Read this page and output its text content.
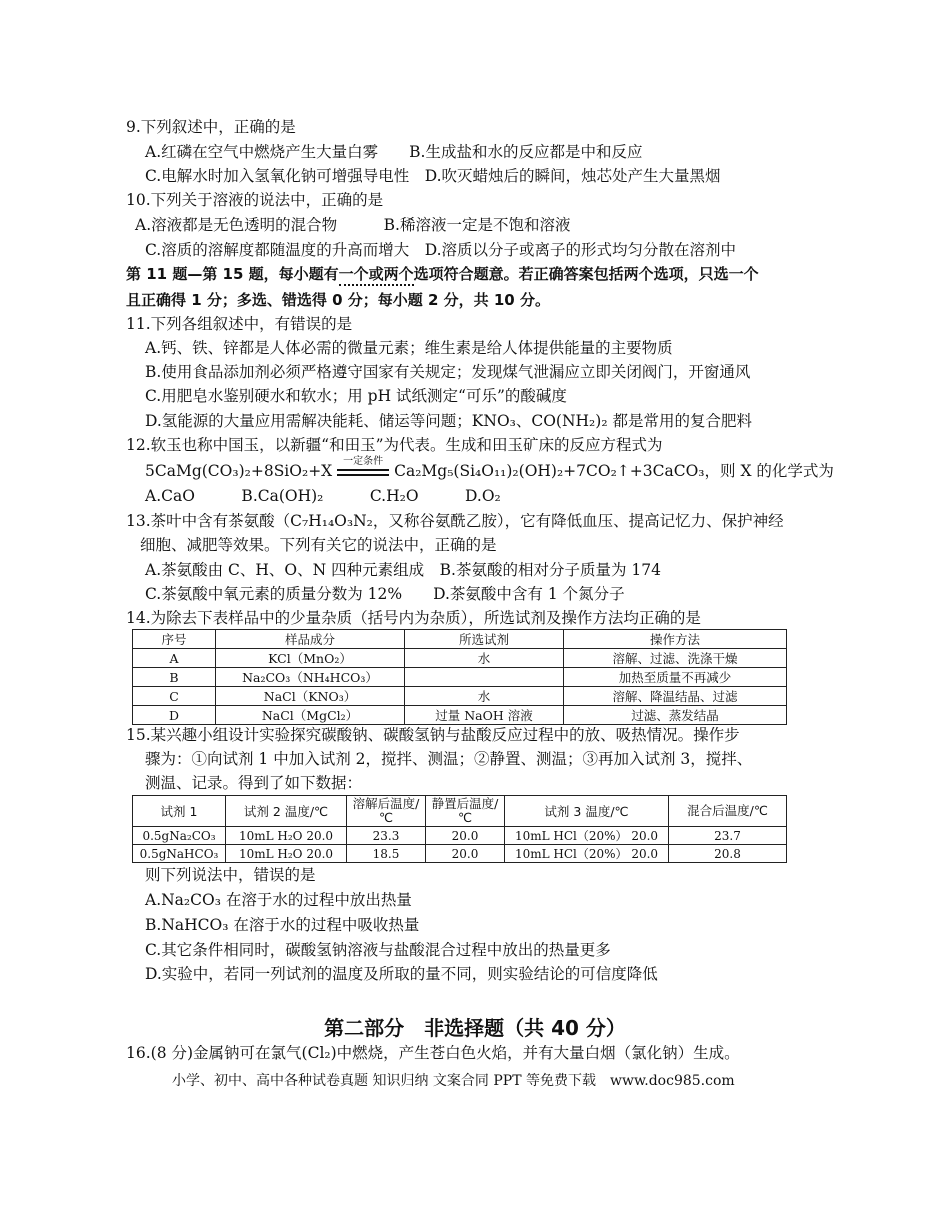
9.下列叙述中，正确的是
A.红磷在空气中燃烧产生大量白雾　　B.生成盐和水的反应都是中和反应
C.电解水时加入氢氧化钠可增强导电性　D.吹灭蜡烛后的瞬间，烛芯处产生大量黑烟
10.下列关于溶液的说法中，正确的是
A.溶液都是无色透明的混合物　　　B.稀溶液一定是不饱和溶液
C.溶质的溶解度都随温度的升高而增大　D.溶质以分子或离子的形式均匀分散在溶剂中
第 11 题—第 15 题，每小题有一个或两个选项符合题意。若正确答案包括两个选项，只选一个
且正确得 1 分；多选、错选得 0 分；每小题 2 分，共 10 分。
11.下列各组叙述中，有错误的是
A.钙、铁、锌都是人体必需的微量元素；维生素是给人体提供能量的主要物质
B.使用食品添加剂必须严格遵守国家有关规定；发现煤气泄漏应立即关闭阀门，开窗通风
C.用肥皂水鉴别硬水和软水；用 pH 试纸测定“可乐”的酸碱度
D.氢能源的大量应用需解决能耗、储运等问题；KNO₃、CO(NH₂)₂ 都是常用的复合肥料
12.软玉也称中国玉，以新疆“和田玉”为代表。生成和田玉矿床的反应方程式为
5CaMg(CO₃)₂+8SiO₂+X
一定条件
Ca₂Mg₅(Si₄O₁₁)₂(OH)₂+7CO₂↑+3CaCO₃，则 X 的化学式为
A.CaO　　　B.Ca(OH)₂　　　C.H₂O　　　D.O₂
13.茶叶中含有茶氨酸（C₇H₁₄O₃N₂，又称谷氨酰乙胺），它有降低血压、提高记忆力、保护神经
细胞、减肥等效果。下列有关它的说法中，正确的是
A.茶氨酸由 C、H、O、N 四种元素组成　B.茶氨酸的相对分子质量为 174
C.茶氨酸中氧元素的质量分数为 12%　　D.茶氨酸中含有 1 个氮分子
14.为除去下表样品中的少量杂质（括号内为杂质），所选试剂及操作方法均正确的是
序号	样品成分	所选试剂	操作方法
A	KCl（MnO₂）	水	溶解、过滤、洗涤干燥
B	Na₂CO₃（NH₄HCO₃）		加热至质量不再减少
C	NaCl（KNO₃）	水	溶解、降温结晶、过滤
D	NaCl（MgCl₂）	过量 NaOH 溶液	过滤、蒸发结晶
15.某兴趣小组设计实验探究碳酸钠、碳酸氢钠与盐酸反应过程中的放、吸热情况。操作步
骤为：①向试剂 1 中加入试剂 2，搅拌、测温；②静置、测温；③再加入试剂 3，搅拌、
测温、记录。得到了如下数据：
试剂 1	试剂 2 温度/℃	溶解后温度/℃	静置后温度/℃	试剂 3 温度/℃	混合后温度/℃
0.5gNa₂CO₃	10mL H₂O 20.0	23.3	20.0	10mL HCl（20%） 20.0	23.7
0.5gNaHCO₃	10mL H₂O 20.0	18.5	20.0	10mL HCl（20%） 20.0	20.8
则下列说法中，错误的是
A.Na₂CO₃ 在溶于水的过程中放出热量
B.NaHCO₃ 在溶于水的过程中吸收热量
C.其它条件相同时，碳酸氢钠溶液与盐酸混合过程中放出的热量更多
D.实验中，若同一列试剂的温度及所取的量不同，则实验结论的可信度降低
第二部分　非选择题（共 40 分）
16.(8 分)金属钠可在氯气(Cl₂)中燃烧，产生苍白色火焰，并有大量白烟（氯化钠）生成。
小学、初中、高中各种试卷真题 知识归纳 文案合同 PPT 等免费下载　www.doc985.com
